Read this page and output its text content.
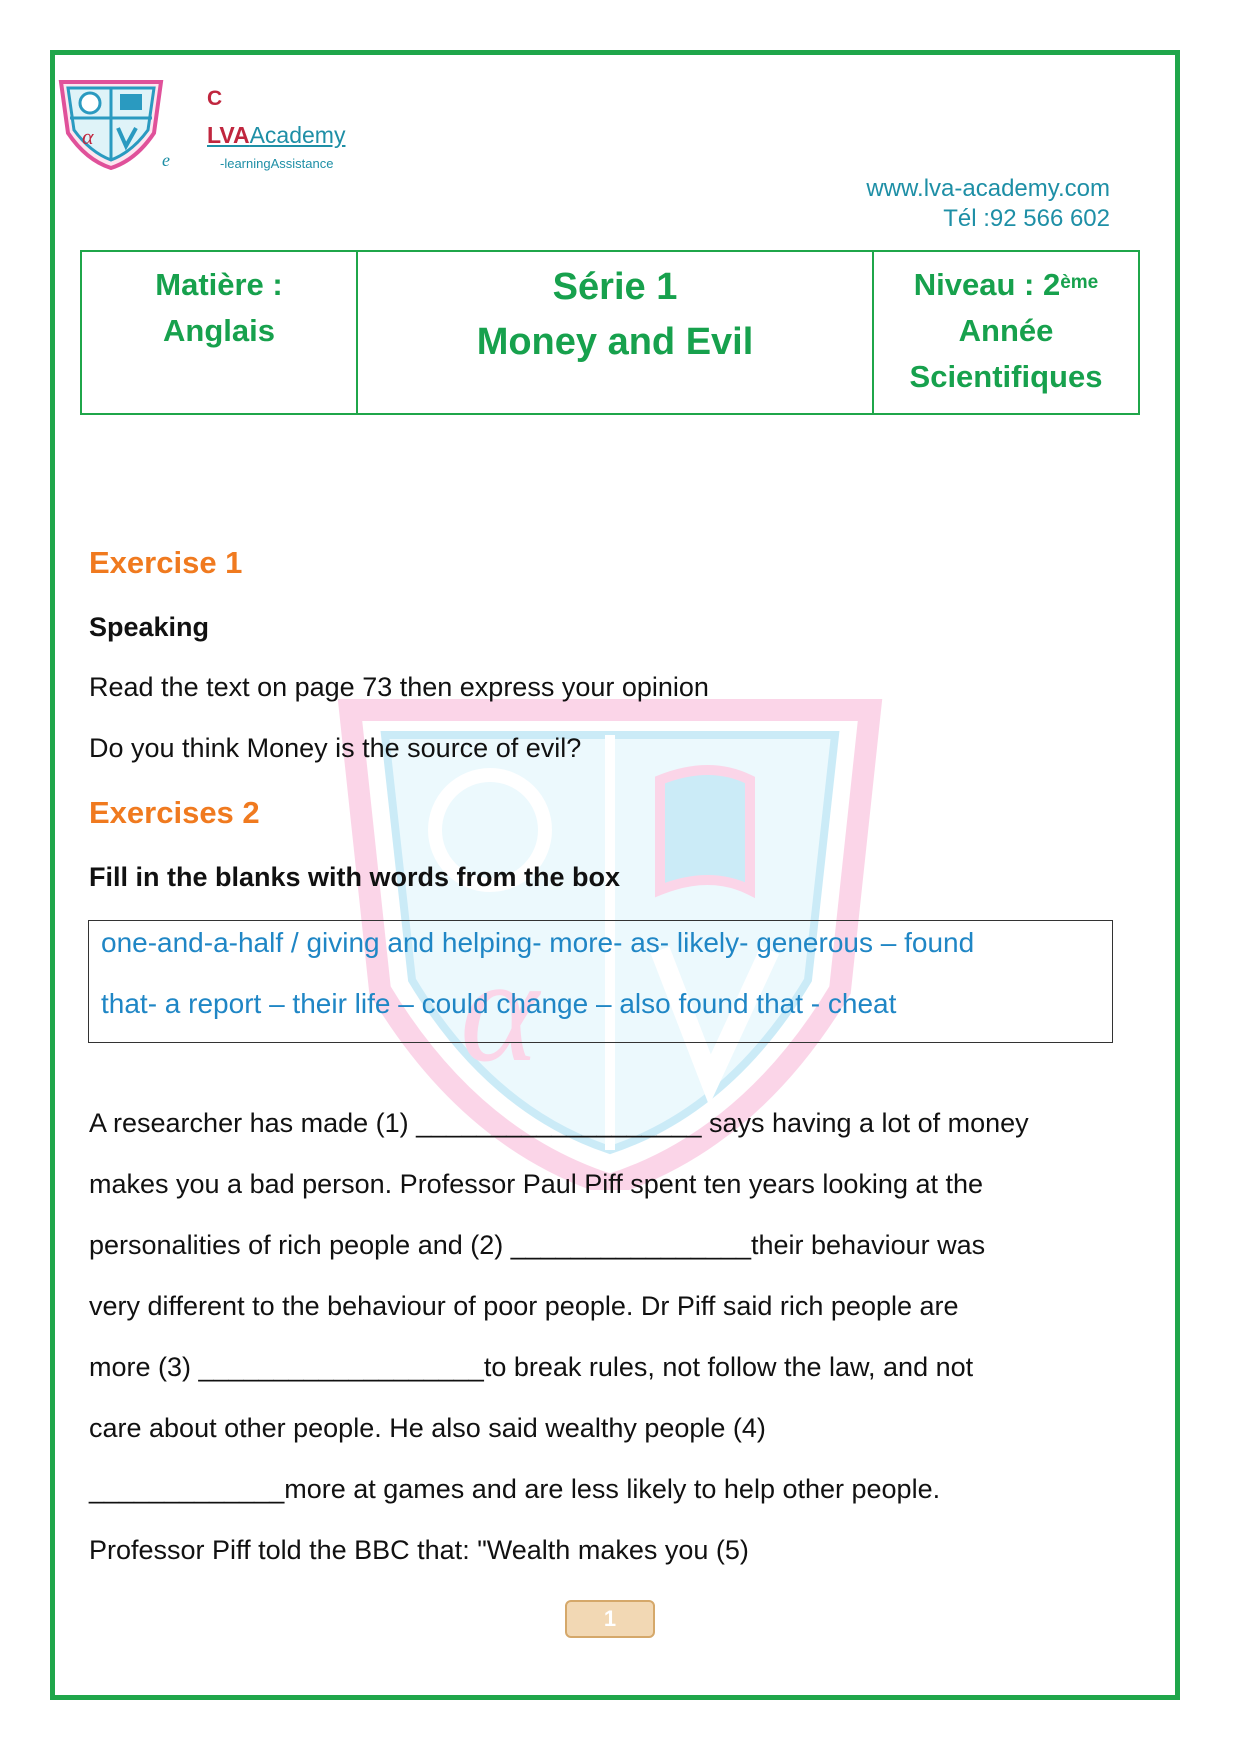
α
C
LVAAcademy
e	-learningAssistance
www.lva-academy.com
Tél :92 566 602
Matière :
Anglais
Série 1
Money and Evil
Niveau : 2ème
Année
Scientifiques
α
Exercise 1
Speaking
Read the text on page 73 then express your opinion
Do you think Money is the source of evil?
Exercises 2
Fill in the blanks with words from the box
one-and-a-half / giving and helping- more- as- likely- generous – found
that- a report – their life – could change – also found that - cheat
A researcher has made (1) ___________________ says having a lot of money
makes you a bad person. Professor Paul Piff spent ten years looking at the
personalities of rich people and (2) ________________their behaviour was
very different to the behaviour of poor people. Dr Piff said rich people are
more (3) ___________________to break rules, not follow the law, and not
care about other people. He also said wealthy people (4)
_____________more at games and are less likely to help other people.
Professor Piff told the BBC that: "Wealth makes you (5)
1
